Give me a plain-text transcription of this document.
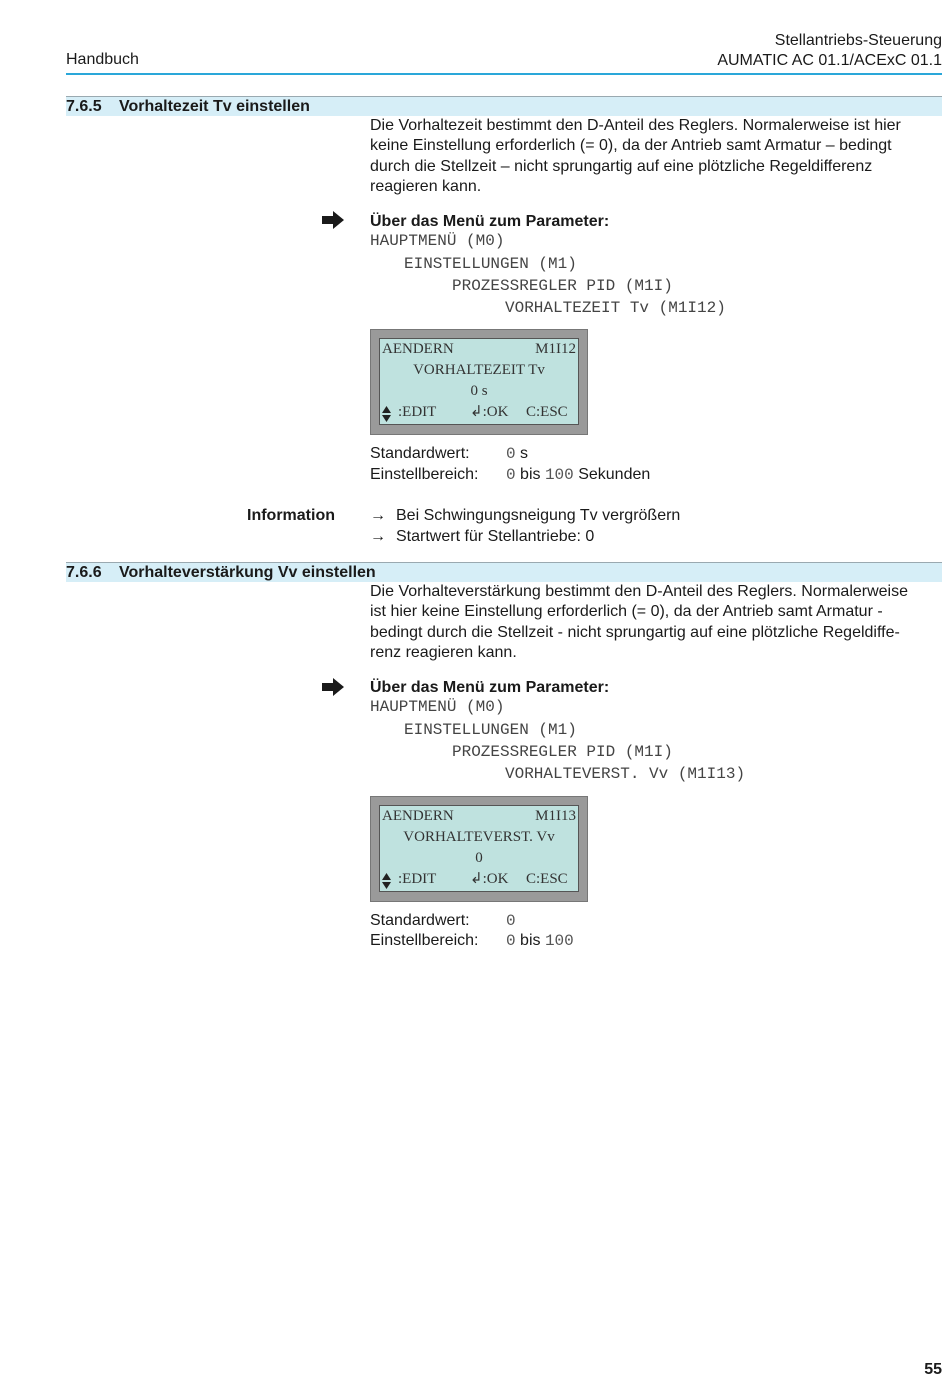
Handbuch
Stellantriebs-Steuerung
AUMATIC AC 01.1/ACExC 01.1
7.6.5 Vorhaltezeit Tv einstellen
Die Vorhaltezeit bestimmt den D-Anteil des Reglers. Normalerweise ist hier
keine Einstellung erforderlich (= 0), da der Antrieb samt Armatur – bedingt
durch die Stellzeit – nicht sprungartig auf eine plötzliche Regeldifferenz
reagieren kann.
Über das Menü zum Parameter:
HAUPTMENÜ (M0)
EINSTELLUNGEN (M1)
PROZESSREGLER PID (M1I)
VORHALTEZEIT Tv (M1I12)
AENDERN	M1I12
VORHALTEZEIT Tv
0 s
:EDIT ↲:OK C:ESC
Standardwert: 0 s
Einstellbereich: 0 bis 100 Sekunden
Information → Bei Schwingungsneigung Tv vergrößern
→ Startwert für Stellantriebe: 0
7.6.6 Vorhalteverstärkung Vv einstellen
Die Vorhalteverstärkung bestimmt den D-Anteil des Reglers. Normalerweise
ist hier keine Einstellung erforderlich (= 0), da der Antrieb samt Armatur -
bedingt durch die Stellzeit - nicht sprungartig auf eine plötzliche Regeldiffe-
renz reagieren kann.
Über das Menü zum Parameter:
HAUPTMENÜ (M0)
EINSTELLUNGEN (M1)
PROZESSREGLER PID (M1I)
VORHALTEVERST. Vv (M1I13)
AENDERN	M1I13
VORHALTEVERST. Vv
0
:EDIT ↲:OK C:ESC
Standardwert: 0
Einstellbereich: 0 bis 100
55
